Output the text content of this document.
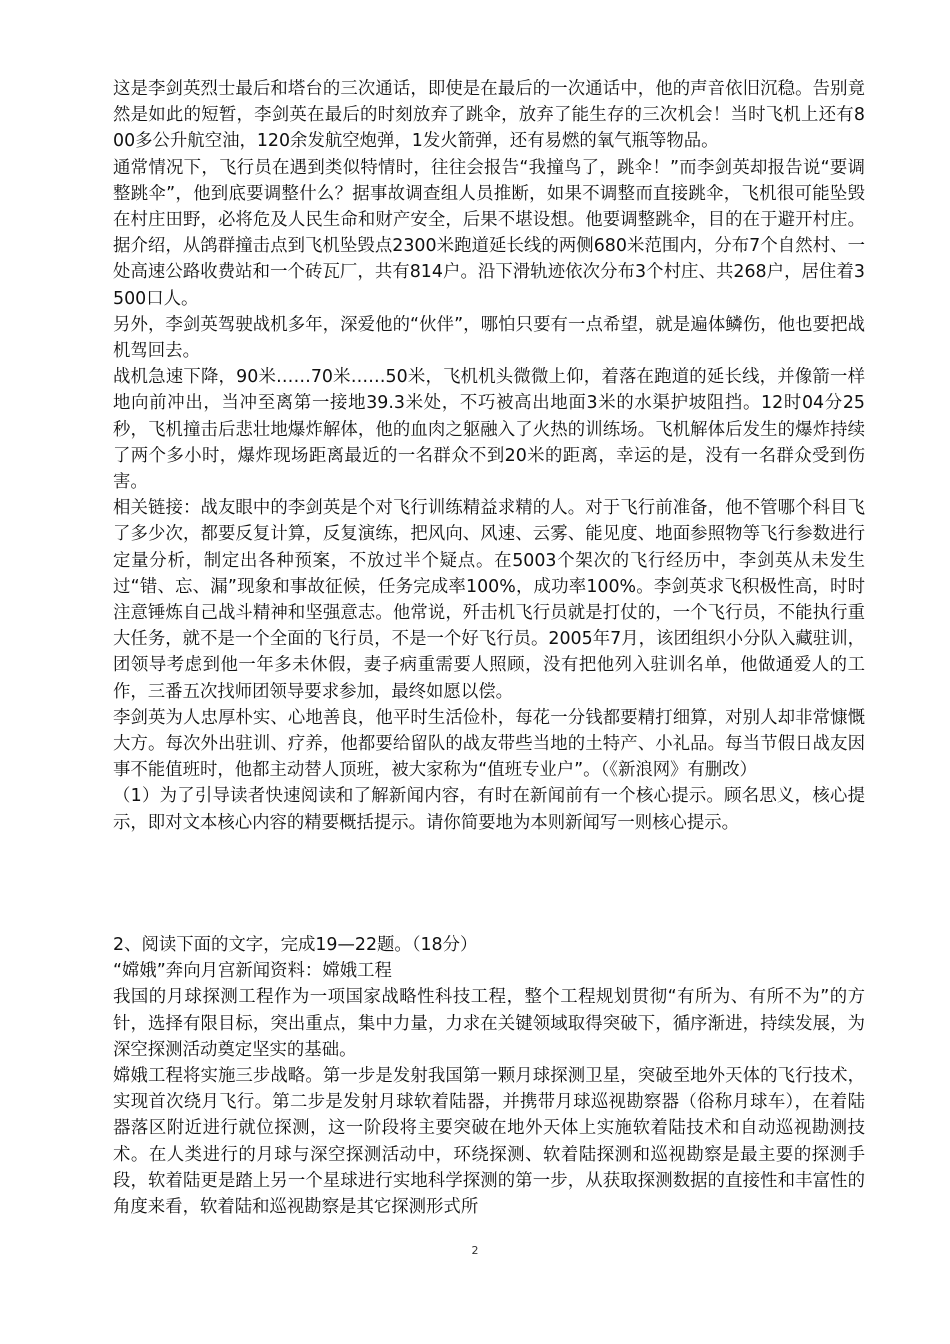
这是李剑英烈士最后和塔台的三次通话，即使是在最后的一次通话中，他的声音依旧沉稳。告别竟然是如此的短暂，李剑英在最后的时刻放弃了跳伞，放弃了能生存的三次机会！当时飞机上还有800多公升航空油，120余发航空炮弹，1发火箭弹，还有易燃的氧气瓶等物品。

通常情况下，飞行员在遇到类似特情时，往往会报告“我撞鸟了，跳伞！”而李剑英却报告说“要调整跳伞”，他到底要调整什么？据事故调查组人员推断，如果不调整而直接跳伞，飞机很可能坠毁在村庄田野，必将危及人民生命和财产安全，后果不堪设想。他要调整跳伞，目的在于避开村庄。据介绍，从鸽群撞击点到飞机坠毁点2300米跑道延长线的两侧680米范围内，分布7个自然村、一处高速公路收费站和一个砖瓦厂，共有814户。沿下滑轨迹依次分布3个村庄、共268户，居住着3500口人。

另外，李剑英驾驶战机多年，深爱他的“伙伴”，哪怕只要有一点希望，就是遍体鳞伤，他也要把战机驾回去。

战机急速下降，90米……70米……50米，飞机机头微微上仰，着落在跑道的延长线，并像箭一样地向前冲出，当冲至离第一接地39.3米处，不巧被高出地面3米的水渠护坡阻挡。12时04分25秒，飞机撞击后悲壮地爆炸解体，他的血肉之躯融入了火热的训练场。飞机解体后发生的爆炸持续了两个多小时，爆炸现场距离最近的一名群众不到20米的距离，幸运的是，没有一名群众受到伤害。

相关链接：战友眼中的李剑英是个对飞行训练精益求精的人。对于飞行前准备，他不管哪个科目飞了多少次，都要反复计算，反复演练，把风向、风速、云雾、能见度、地面参照物等飞行参数进行定量分析，制定出各种预案，不放过半个疑点。在5003个架次的飞行经历中，李剑英从未发生过“错、忘、漏”现象和事故征候，任务完成率100%，成功率100%。李剑英求飞积极性高，时时注意锤炼自己战斗精神和坚强意志。他常说，歼击机飞行员就是打仗的，一个飞行员，不能执行重大任务，就不是一个全面的飞行员，不是一个好飞行员。2005年7月，该团组织小分队入藏驻训，团领导考虑到他一年多未休假，妻子病重需要人照顾，没有把他列入驻训名单，他做通爱人的工作，三番五次找师团领导要求参加，最终如愿以偿。

李剑英为人忠厚朴实、心地善良，他平时生活俭朴，每花一分钱都要精打细算，对别人却非常慷慨大方。每次外出驻训、疗养，他都要给留队的战友带些当地的土特产、小礼品。每当节假日战友因事不能值班时，他都主动替人顶班，被大家称为“值班专业户”。（《新浪网》有删改）

（1）为了引导读者快速阅读和了解新闻内容，有时在新闻前有一个核心提示。顾名思义，核心提示，即对文本核心内容的精要概括提示。请你简要地为本则新闻写一则核心提示。

2、阅读下面的文字，完成19—22题。（18分）

“嫦娥”奔向月宫新闻资料：嫦娥工程

我国的月球探测工程作为一项国家战略性科技工程，整个工程规划贯彻“有所为、有所不为”的方针，选择有限目标，突出重点，集中力量，力求在关键领域取得突破下，循序渐进，持续发展，为深空探测活动奠定坚实的基础。

嫦娥工程将实施三步战略。第一步是发射我国第一颗月球探测卫星，突破至地外天体的飞行技术，实现首次绕月飞行。第二步是发射月球软着陆器，并携带月球巡视勘察器（俗称月球车），在着陆器落区附近进行就位探测，这一阶段将主要突破在地外天体上实施软着陆技术和自动巡视勘测技术。在人类进行的月球与深空探测活动中，环绕探测、软着陆探测和巡视勘察是最主要的探测手段，软着陆更是踏上另一个星球进行实地科学探测的第一步，从获取探测数据的直接性和丰富性的角度来看，软着陆和巡视勘察是其它探测形式所

2
